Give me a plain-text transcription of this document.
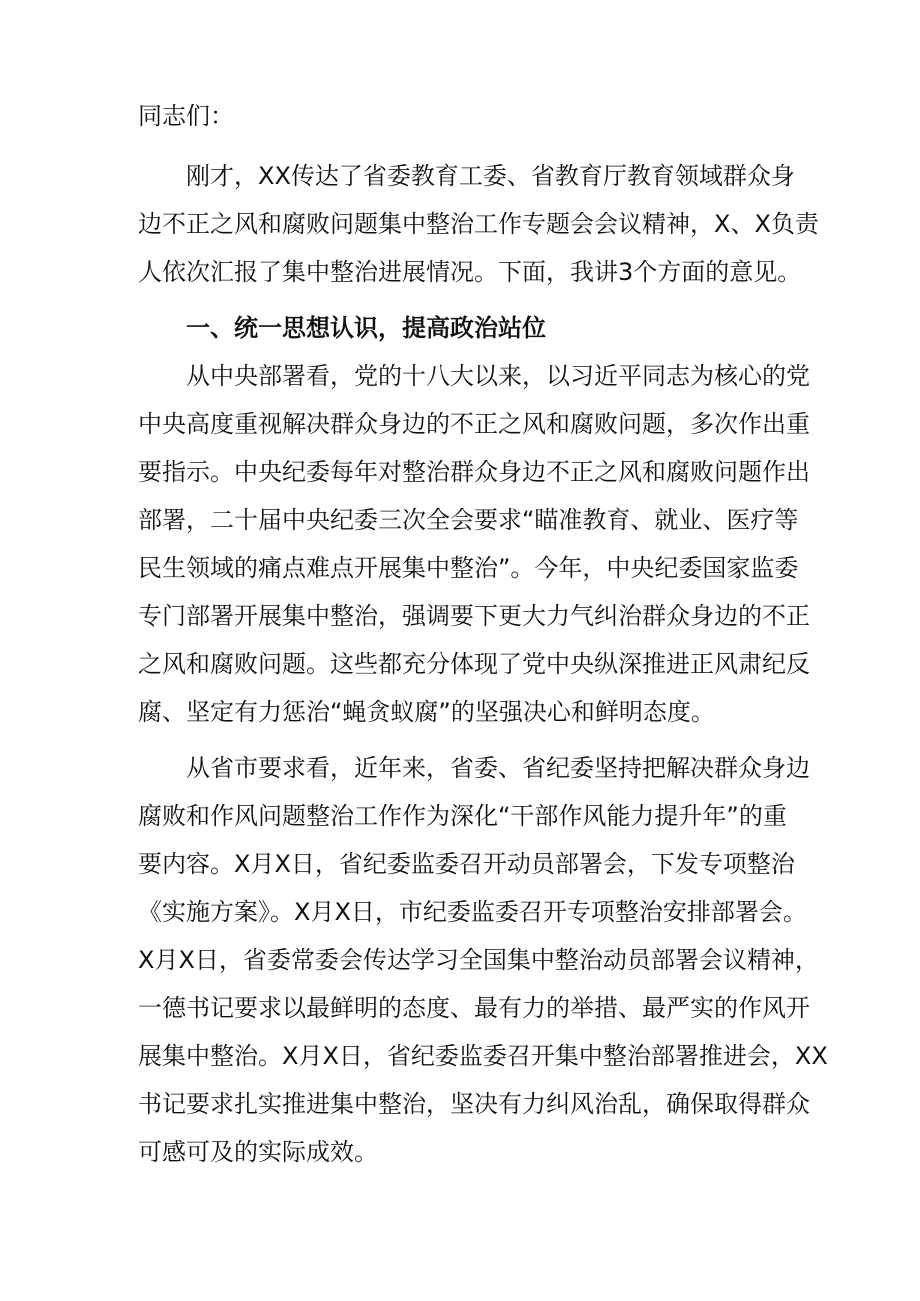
同志们：
刚才，XX传达了省委教育工委、省教育厅教育领域群众身
边不正之风和腐败问题集中整治工作专题会会议精神，X、X负责
人依次汇报了集中整治进展情况。下面，我讲3个方面的意见。
一、统一思想认识，提高政治站位
从中央部署看，党的十八大以来，以习近平同志为核心的党
中央高度重视解决群众身边的不正之风和腐败问题，多次作出重
要指示。中央纪委每年对整治群众身边不正之风和腐败问题作出
部署，二十届中央纪委三次全会要求“瞄准教育、就业、医疗等
民生领域的痛点难点开展集中整治”。今年，中央纪委国家监委
专门部署开展集中整治，强调要下更大力气纠治群众身边的不正
之风和腐败问题。这些都充分体现了党中央纵深推进正风肃纪反
腐、坚定有力惩治“蝇贪蚁腐”的坚强决心和鲜明态度。
从省市要求看，近年来，省委、省纪委坚持把解决群众身边
腐败和作风问题整治工作作为深化“干部作风能力提升年”的重
要内容。X月X日，省纪委监委召开动员部署会，下发专项整治
《实施方案》。X月X日，市纪委监委召开专项整治安排部署会。
X月X日，省委常委会传达学习全国集中整治动员部署会议精神，
一德书记要求以最鲜明的态度、最有力的举措、最严实的作风开
展集中整治。X月X日，省纪委监委召开集中整治部署推进会，XX
书记要求扎实推进集中整治，坚决有力纠风治乱，确保取得群众
可感可及的实际成效。
